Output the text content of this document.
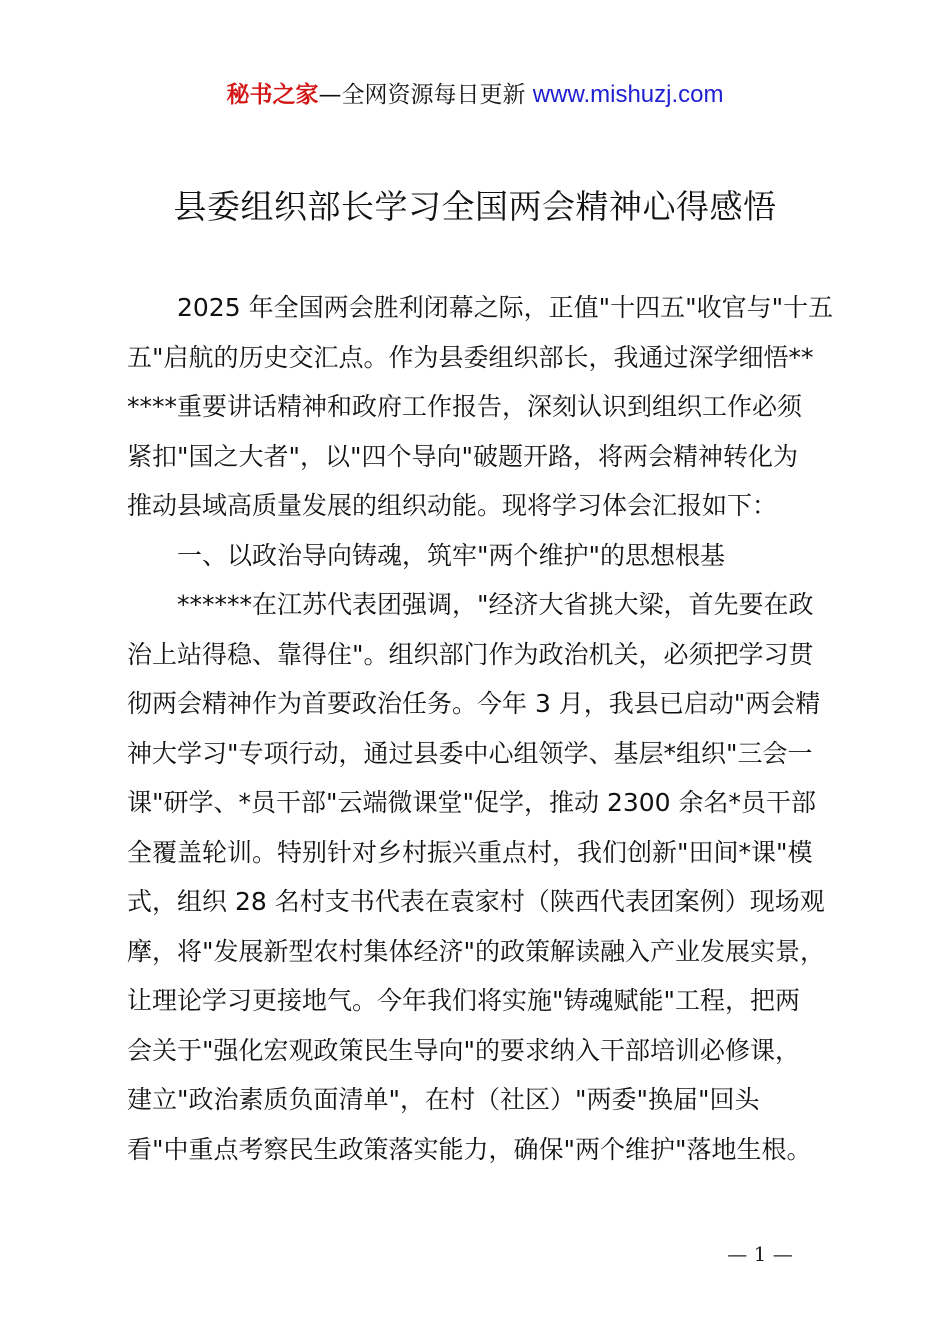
秘书之家—全网资源每日更新 www.mishuzj.com
县委组织部长学习全国两会精神心得感悟
2025 年全国两会胜利闭幕之际，正值"十四五"收官与"十五
五"启航的历史交汇点。作为县委组织部长，我通过深学细悟**
****重要讲话精神和政府工作报告，深刻认识到组织工作必须
紧扣"国之大者"，以"四个导向"破题开路，将两会精神转化为
推动县域高质量发展的组织动能。现将学习体会汇报如下：
一、以政治导向铸魂，筑牢"两个维护"的思想根基
******在江苏代表团强调，"经济大省挑大梁，首先要在政
治上站得稳、靠得住"。组织部门作为政治机关，必须把学习贯
彻两会精神作为首要政治任务。今年 3 月，我县已启动"两会精
神大学习"专项行动，通过县委中心组领学、基层*组织"三会一
课"研学、*员干部"云端微课堂"促学，推动 2300 余名*员干部
全覆盖轮训。特别针对乡村振兴重点村，我们创新"田间*课"模
式，组织 28 名村支书代表在袁家村（陕西代表团案例）现场观
摩，将"发展新型农村集体经济"的政策解读融入产业发展实景，
让理论学习更接地气。今年我们将实施"铸魂赋能"工程，把两
会关于"强化宏观政策民生导向"的要求纳入干部培训必修课，
建立"政治素质负面清单"，在村（社区）"两委"换届"回头
看"中重点考察民生政策落实能力，确保"两个维护"落地生根。
— 1 —
